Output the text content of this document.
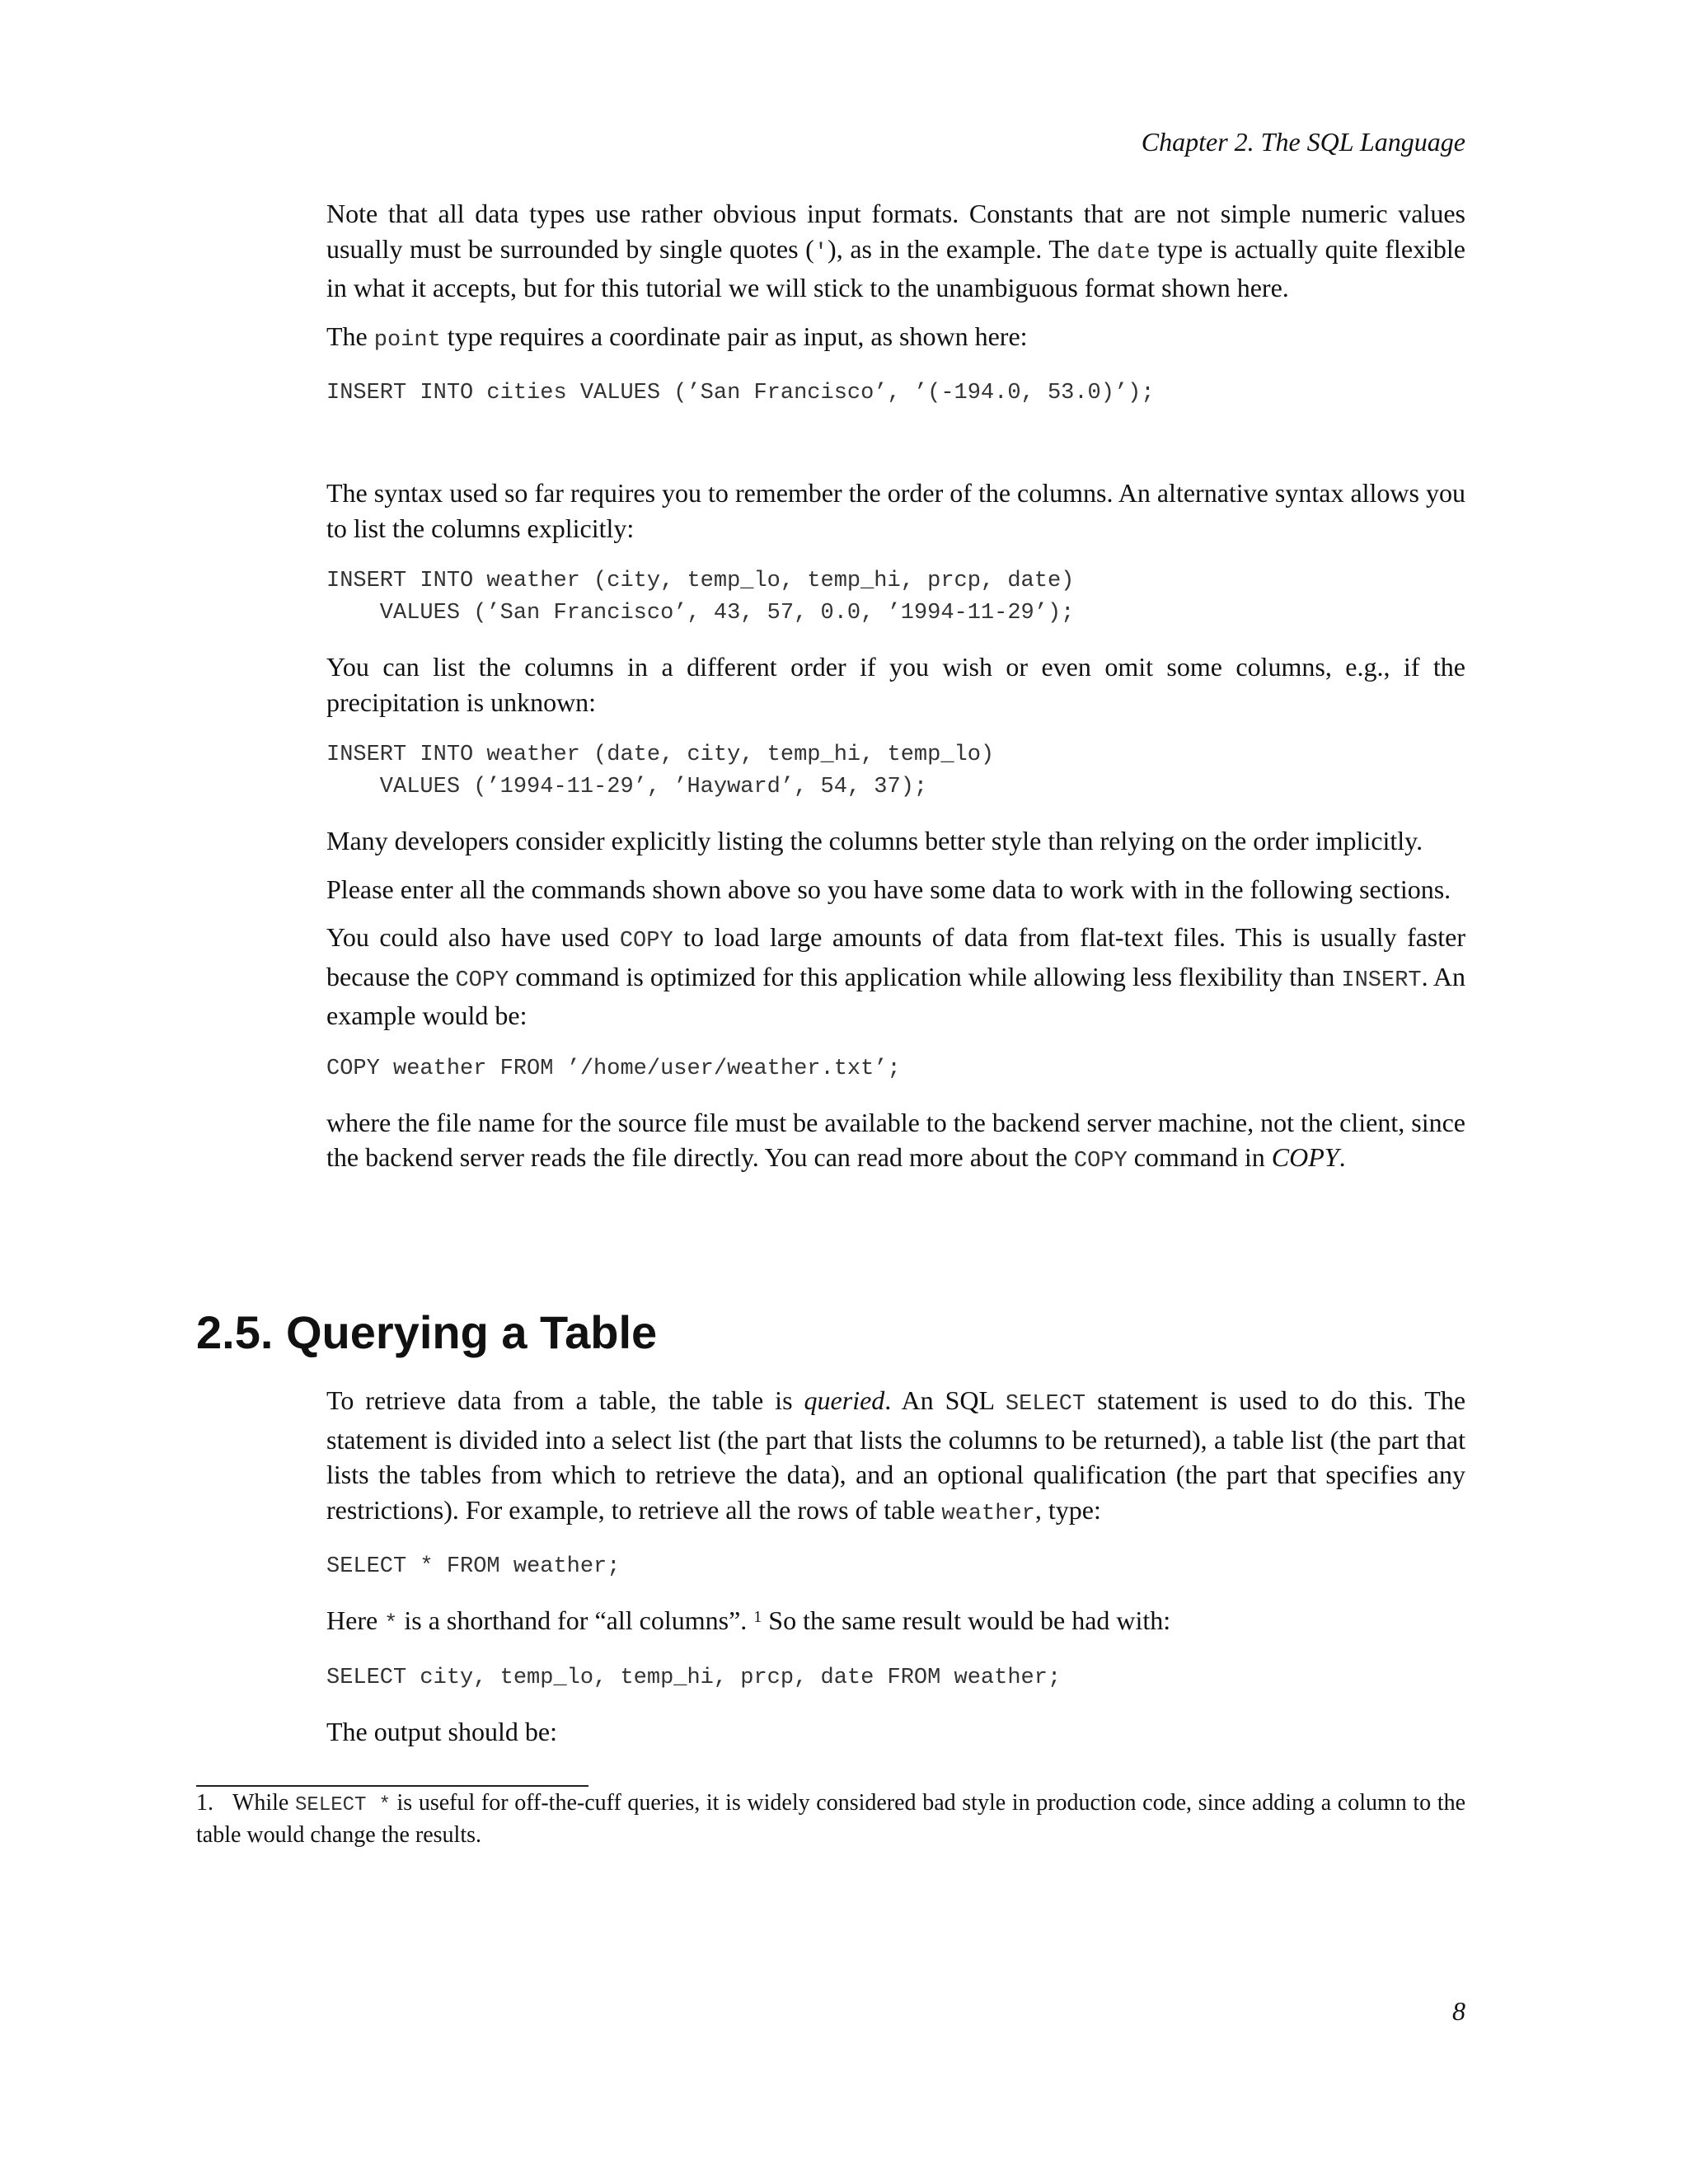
Chapter 2. The SQL Language

Note that all data types use rather obvious input formats. Constants that are not simple numeric values usually must be surrounded by single quotes ('), as in the example. The date type is actually quite flexible in what it accepts, but for this tutorial we will stick to the unambiguous format shown here.

The point type requires a coordinate pair as input, as shown here:

INSERT INTO cities VALUES (’San Francisco’, ’(-194.0, 53.0)’);

The syntax used so far requires you to remember the order of the columns. An alternative syntax allows you to list the columns explicitly:

INSERT INTO weather (city, temp_lo, temp_hi, prcp, date)
VALUES (’San Francisco’, 43, 57, 0.0, ’1994-11-29’);

You can list the columns in a different order if you wish or even omit some columns, e.g., if the precipitation is unknown:

INSERT INTO weather (date, city, temp_hi, temp_lo)
VALUES (’1994-11-29’, ’Hayward’, 54, 37);

Many developers consider explicitly listing the columns better style than relying on the order implicitly.

Please enter all the commands shown above so you have some data to work with in the following sections.

You could also have used COPY to load large amounts of data from flat-text files. This is usually faster because the COPY command is optimized for this application while allowing less flexibility than INSERT. An example would be:

COPY weather FROM ’/home/user/weather.txt’;

where the file name for the source file must be available to the backend server machine, not the client, since the backend server reads the file directly. You can read more about the COPY command in COPY.

2.5. Querying a Table

To retrieve data from a table, the table is queried. An SQL SELECT statement is used to do this. The statement is divided into a select list (the part that lists the columns to be returned), a table list (the part that lists the tables from which to retrieve the data), and an optional qualification (the part that specifies any restrictions). For example, to retrieve all the rows of table weather, type:

SELECT * FROM weather;

Here * is a shorthand for “all columns”. $^1$ So the same result would be had with:

SELECT city, temp_lo, temp_hi, prcp, date FROM weather;

The output should be:

1. While SELECT * is useful for off-the-cuff queries, it is widely considered bad style in production code, since adding a column to the table would change the results.

8
